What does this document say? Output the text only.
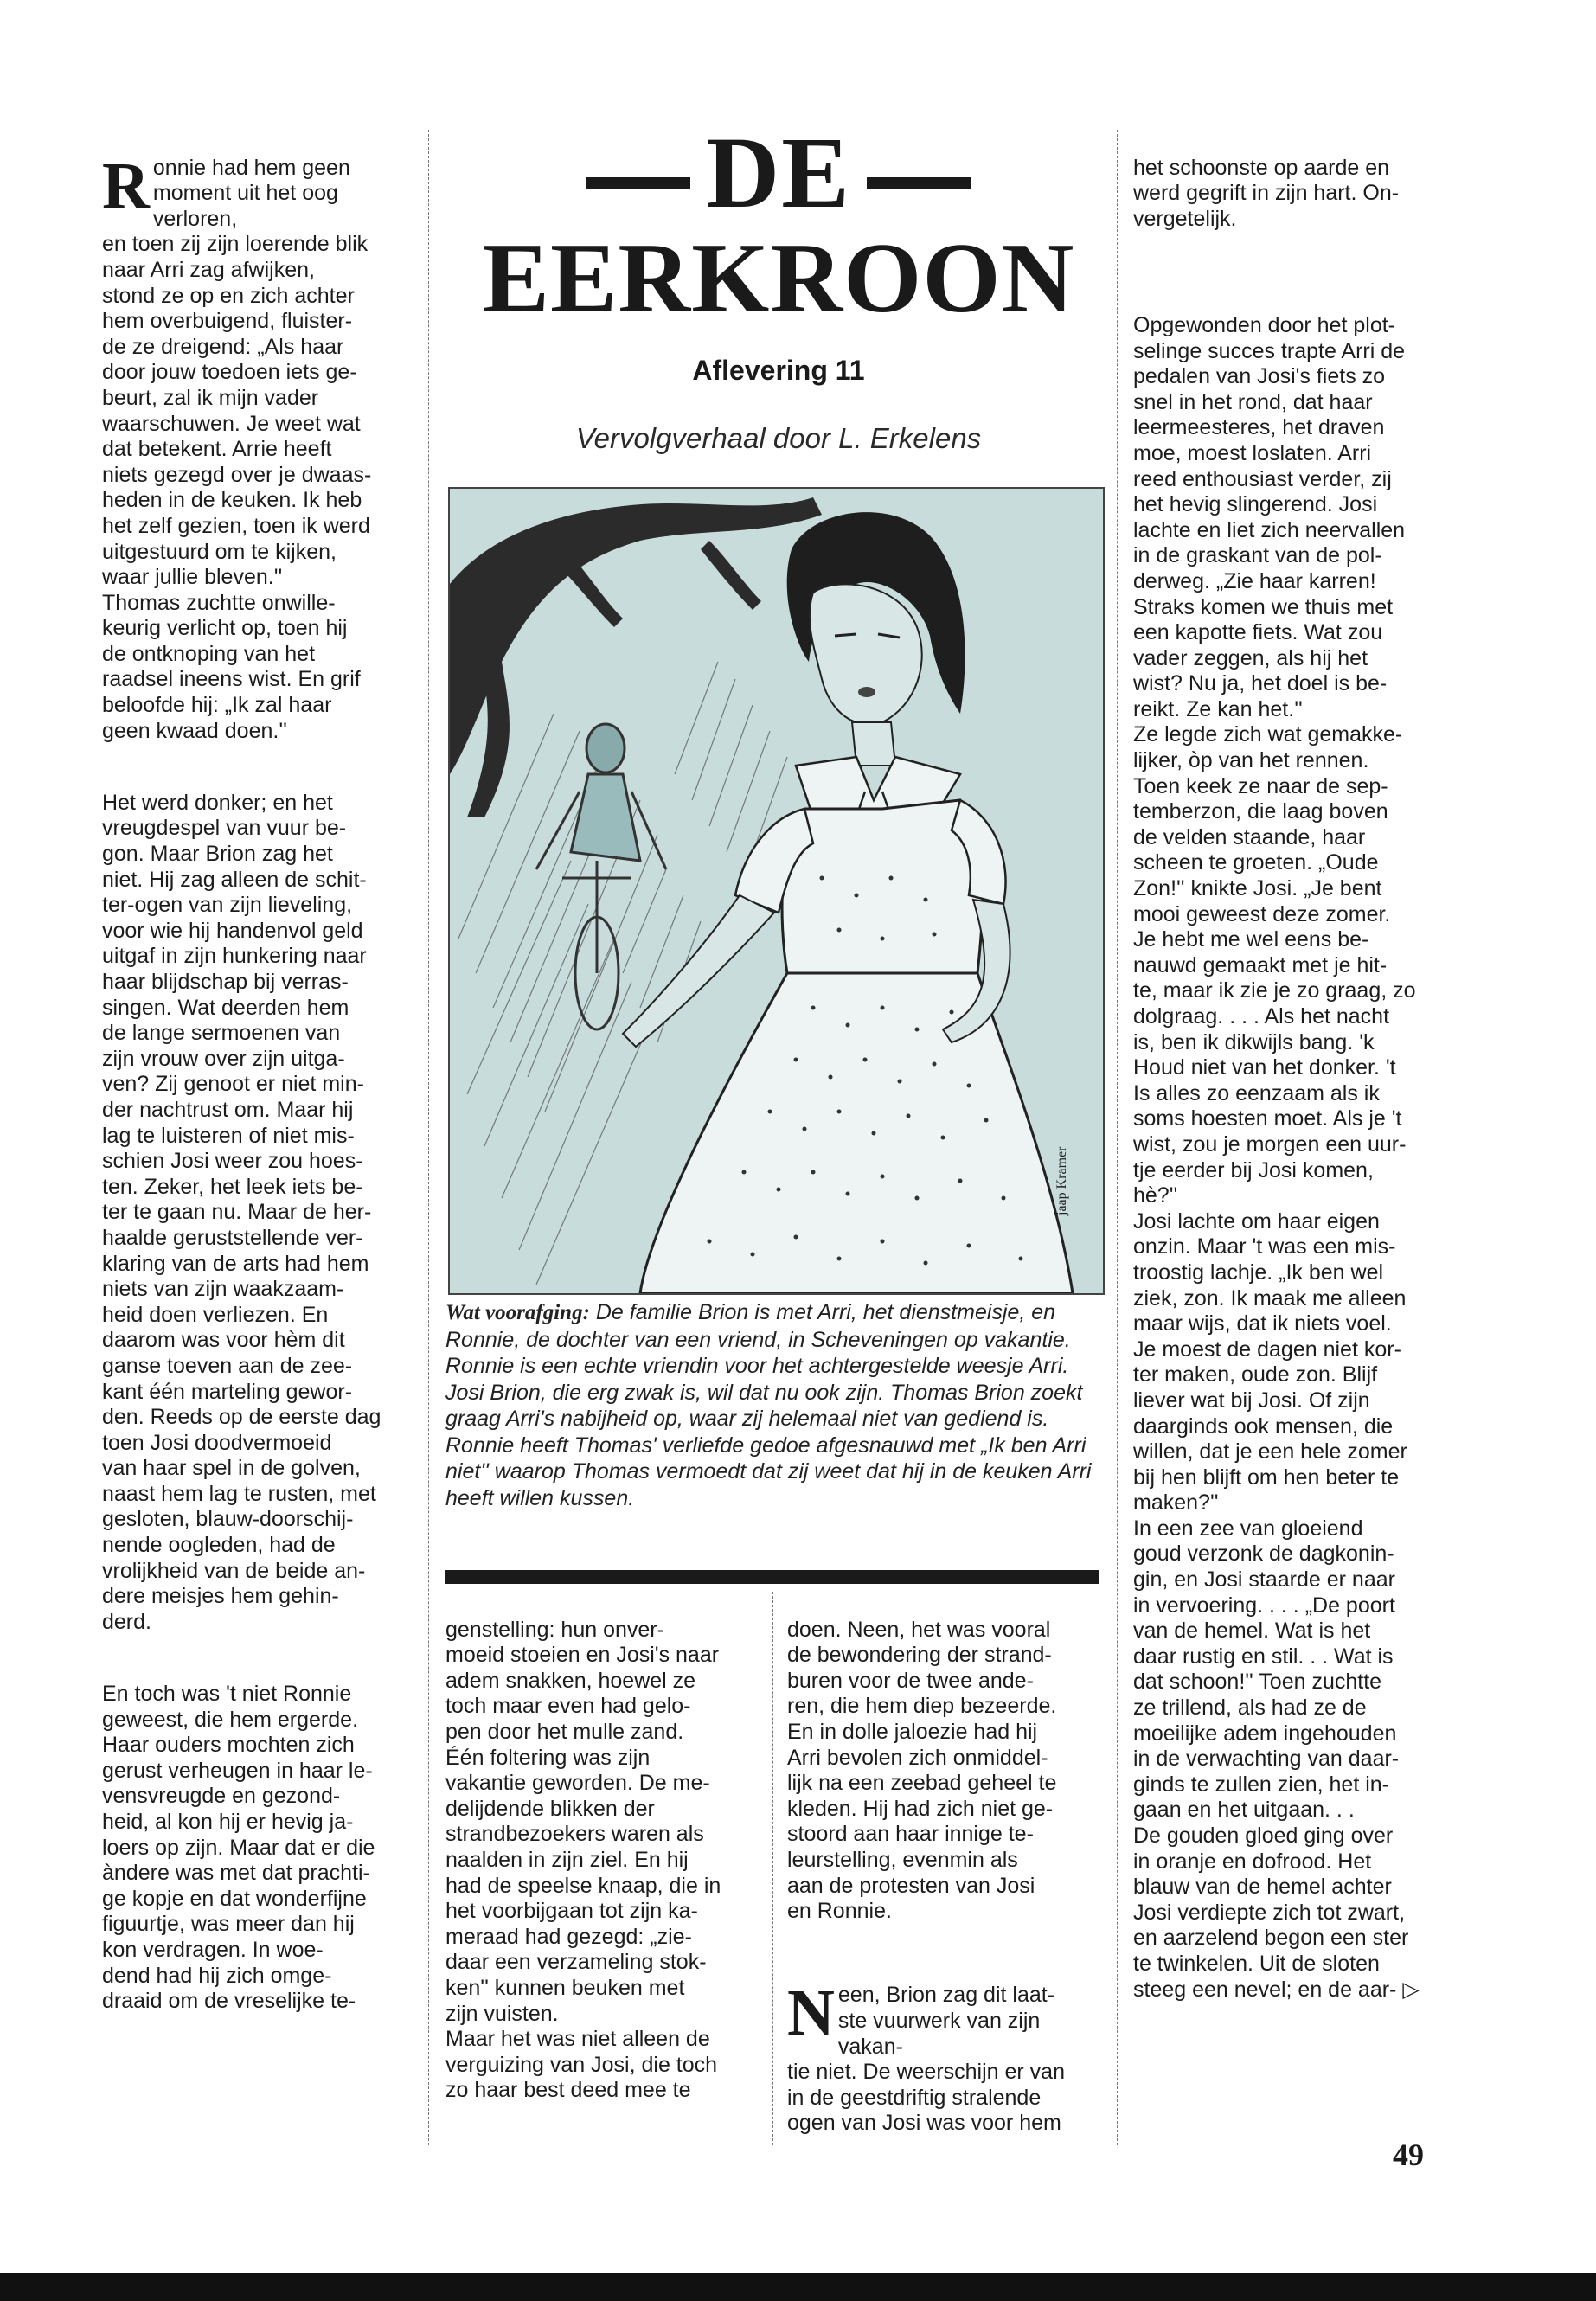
Ronnie had hem geen
moment uit het oog verloren,
en toen zij zijn loerende blik
naar Arri zag afwijken,
stond ze op en zich achter
hem overbuigend, fluister-
de ze dreigend: „Als haar
door jouw toedoen iets ge-
beurt, zal ik mijn vader
waarschuwen. Je weet wat
dat betekent. Arrie heeft
niets gezegd over je dwaas-
heden in de keuken. Ik heb
het zelf gezien, toen ik werd
uitgestuurd om te kijken,
waar jullie bleven.''
Thomas zuchtte onwille-
keurig verlicht op, toen hij
de ontknoping van het
raadsel ineens wist. En grif
beloofde hij: „Ik zal haar
geen kwaad doen.''

Het werd donker; en het
vreugdespel van vuur be-
gon. Maar Brion zag het
niet. Hij zag alleen de schit-
ter-ogen van zijn lieveling,
voor wie hij handenvol geld
uitgaf in zijn hunkering naar
haar blijdschap bij verras-
singen. Wat deerden hem
de lange sermoenen van
zijn vrouw over zijn uitga-
ven? Zij genoot er niet min-
der nachtrust om. Maar hij
lag te luisteren of niet mis-
schien Josi weer zou hoes-
ten. Zeker, het leek iets be-
ter te gaan nu. Maar de her-
haalde geruststellende ver-
klaring van de arts had hem
niets van zijn waakzaam-
heid doen verliezen. En
daarom was voor hèm dit
ganse toeven aan de zee-
kant één marteling gewor-
den. Reeds op de eerste dag
toen Josi doodvermoeid
van haar spel in de golven,
naast hem lag te rusten, met
gesloten, blauw-doorschij-
nende oogleden, had de
vrolijkheid van de beide an-
dere meisjes hem gehin-
derd.

En toch was 't niet Ronnie
geweest, die hem ergerde.
Haar ouders mochten zich
gerust verheugen in haar le-
vensvreugde en gezond-
heid, al kon hij er hevig ja-
loers op zijn. Maar dat er die
àndere was met dat prachti-
ge kopje en dat wonderfijne
figuurtje, was meer dan hij
kon verdragen. In woe-
dend had hij zich omge-
draaid om de vreselijke te-

DE
EERKROON
Aflevering 11
Vervolgverhaal door L. Erkelens
jaap Kramer
Wat voorafging: De familie Brion is met Arri, het dienstmeisje, en Ronnie, de dochter van een vriend, in Scheveningen op vakantie. Ronnie is een echte vriendin voor het achtergestelde weesje Arri. Josi Brion, die erg zwak is, wil dat nu ook zijn. Thomas Brion zoekt graag Arri's nabijheid op, waar zij helemaal niet van gediend is. Ronnie heeft Thomas' verliefde gedoe afgesnauwd met „Ik ben Arri niet'' waarop Thomas vermoedt dat zij weet dat hij in de keuken Arri heeft willen kussen.

genstelling: hun onver-
moeid stoeien en Josi's naar
adem snakken, hoewel ze
toch maar even had gelo-
pen door het mulle zand.
Één foltering was zijn
vakantie geworden. De me-
delijdende blikken der
strandbezoekers waren als
naalden in zijn ziel. En hij
had de speelse knaap, die in
het voorbijgaan tot zijn ka-
meraad had gezegd: „zie-
daar een verzameling stok-
ken'' kunnen beuken met
zijn vuisten.
Maar het was niet alleen de
verguizing van Josi, die toch
zo haar best deed mee te

doen. Neen, het was vooral
de bewondering der strand-
buren voor de twee ande-
ren, die hem diep bezeerde.
En in dolle jaloezie had hij
Arri bevolen zich onmiddel-
lijk na een zeebad geheel te
kleden. Hij had zich niet ge-
stoord aan haar innige te-
leurstelling, evenmin als
aan de protesten van Josi
en Ronnie.

Neen, Brion zag dit laat-
ste vuurwerk van zijn vakan-
tie niet. De weerschijn er van
in de geestdriftig stralende
ogen van Josi was voor hem

het schoonste op aarde en
werd gegrift in zijn hart. On-
vergetelijk.

Opgewonden door het plot-
selinge succes trapte Arri de
pedalen van Josi's fiets zo
snel in het rond, dat haar
leermeesteres, het draven
moe, moest loslaten. Arri
reed enthousiast verder, zij
het hevig slingerend. Josi
lachte en liet zich neervallen
in de graskant van de pol-
derweg. „Zie haar karren!
Straks komen we thuis met
een kapotte fiets. Wat zou
vader zeggen, als hij het
wist? Nu ja, het doel is be-
reikt. Ze kan het.''
Ze legde zich wat gemakke-
lijker, òp van het rennen.
Toen keek ze naar de sep-
temberzon, die laag boven
de velden staande, haar
scheen te groeten. „Oude
Zon!'' knikte Josi. „Je bent
mooi geweest deze zomer.
Je hebt me wel eens be-
nauwd gemaakt met je hit-
te, maar ik zie je zo graag, zo
dolgraag. . . . Als het nacht
is, ben ik dikwijls bang. 'k
Houd niet van het donker. 't
Is alles zo eenzaam als ik
soms hoesten moet. Als je 't
wist, zou je morgen een uur-
tje eerder bij Josi komen,
hè?''
Josi lachte om haar eigen
onzin. Maar 't was een mis-
troostig lachje. „Ik ben wel
ziek, zon. Ik maak me alleen
maar wijs, dat ik niets voel.
Je moest de dagen niet kor-
ter maken, oude zon. Blijf
liever wat bij Josi. Of zijn
daarginds ook mensen, die
willen, dat je een hele zomer
bij hen blijft om hen beter te
maken?''
In een zee van gloeiend
goud verzonk de dagkonin-
gin, en Josi staarde er naar
in vervoering. . . . „De poort
van de hemel. Wat is het
daar rustig en stil. . . Wat is
dat schoon!'' Toen zuchtte
ze trillend, als had ze de
moeilijke adem ingehouden
in de verwachting van daar-
ginds te zullen zien, het in-
gaan en het uitgaan. . .
De gouden gloed ging over
in oranje en dofrood. Het
blauw van de hemel achter
Josi verdiepte zich tot zwart,
en aarzelend begon een ster
te twinkelen. Uit de sloten
steeg een nevel; en de aar- ▷

49
